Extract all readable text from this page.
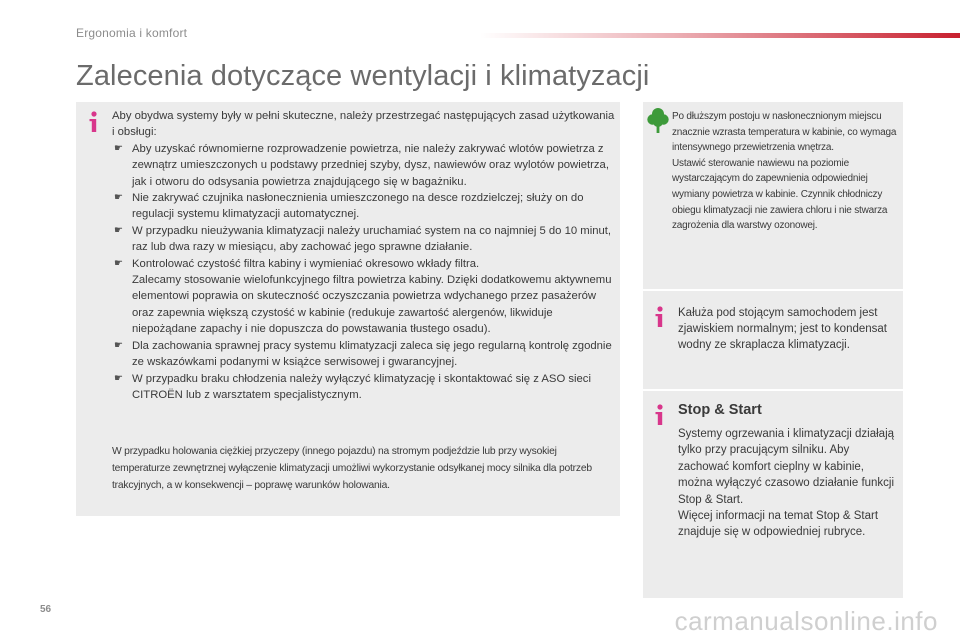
Ergonomia i komfort
Zalecenia dotyczące wentylacji i klimatyzacji

Aby obydwa systemy były w pełni skuteczne, należy przestrzegać następujących zasad użytkowania i obsługi:

☛ Aby uzyskać równomierne rozprowadzenie powietrza, nie należy zakrywać wlotów powietrza z zewnątrz umieszczonych u podstawy przedniej szyby, dysz, nawiewów oraz wylotów powietrza, jak i otworu do odsysania powietrza znajdującego się w bagażniku.
☛ Nie zakrywać czujnika nasłonecznienia umieszczonego na desce rozdzielczej; służy on do regulacji systemu klimatyzacji automatycznej.
☛ W przypadku nieużywania klimatyzacji należy uruchamiać system na co najmniej 5 do 10 minut, raz lub dwa razy w miesiącu, aby zachować jego sprawne działanie.
☛ Kontrolować czystość filtra kabiny i wymieniać okresowo wkłady filtra.
Zalecamy stosowanie wielofunkcyjnego filtra powietrza kabiny. Dzięki dodatkowemu aktywnemu elementowi poprawia on skuteczność oczyszczania powietrza wdychanego przez pasażerów oraz zapewnia większą czystość w kabinie (redukuje zawartość alergenów, likwiduje niepożądane zapachy i nie dopuszcza do powstawania tłustego osadu).
☛ Dla zachowania sprawnej pracy systemu klimatyzacji zaleca się jego regularną kontrolę zgodnie ze wskazówkami podanymi w książce serwisowej i gwarancyjnej.
☛ W przypadku braku chłodzenia należy wyłączyć klimatyzację i skontaktować się z ASO sieci CITROËN lub z warsztatem specjalistycznym.

W przypadku holowania ciężkiej przyczepy (innego pojazdu) na stromym podjeździe lub przy wysokiej temperaturze zewnętrznej wyłączenie klimatyzacji umożliwi wykorzystanie odsyłkanej mocy silnika dla potrzeb trakcyjnych, a w konsekwencji – poprawę warunków holowania.

Po dłuższym postoju w nasłonecznionym miejscu znacznie wzrasta temperatura w kabinie, co wymaga intensywnego przewietrzenia wnętrza.

Ustawić sterowanie nawiewu na poziomie wystarczającym do zapewnienia odpowiedniej wymiany powietrza w kabinie. Czynnik chłodniczy obiegu klimatyzacji nie zawiera chloru i nie stwarza zagrożenia dla warstwy ozonowej.

Kałuża pod stojącym samochodem jest zjawiskiem normalnym; jest to kondensat wodny ze skraplacza klimatyzacji.

Stop & Start

Systemy ogrzewania i klimatyzacji działają tylko przy pracującym silniku. Aby zachować komfort cieplny w kabinie, można wyłączyć czasowo działanie funkcji Stop & Start.
Więcej informacji na temat Stop & Start znajduje się w odpowiedniej rubryce.

56	carmanualsonline.info
